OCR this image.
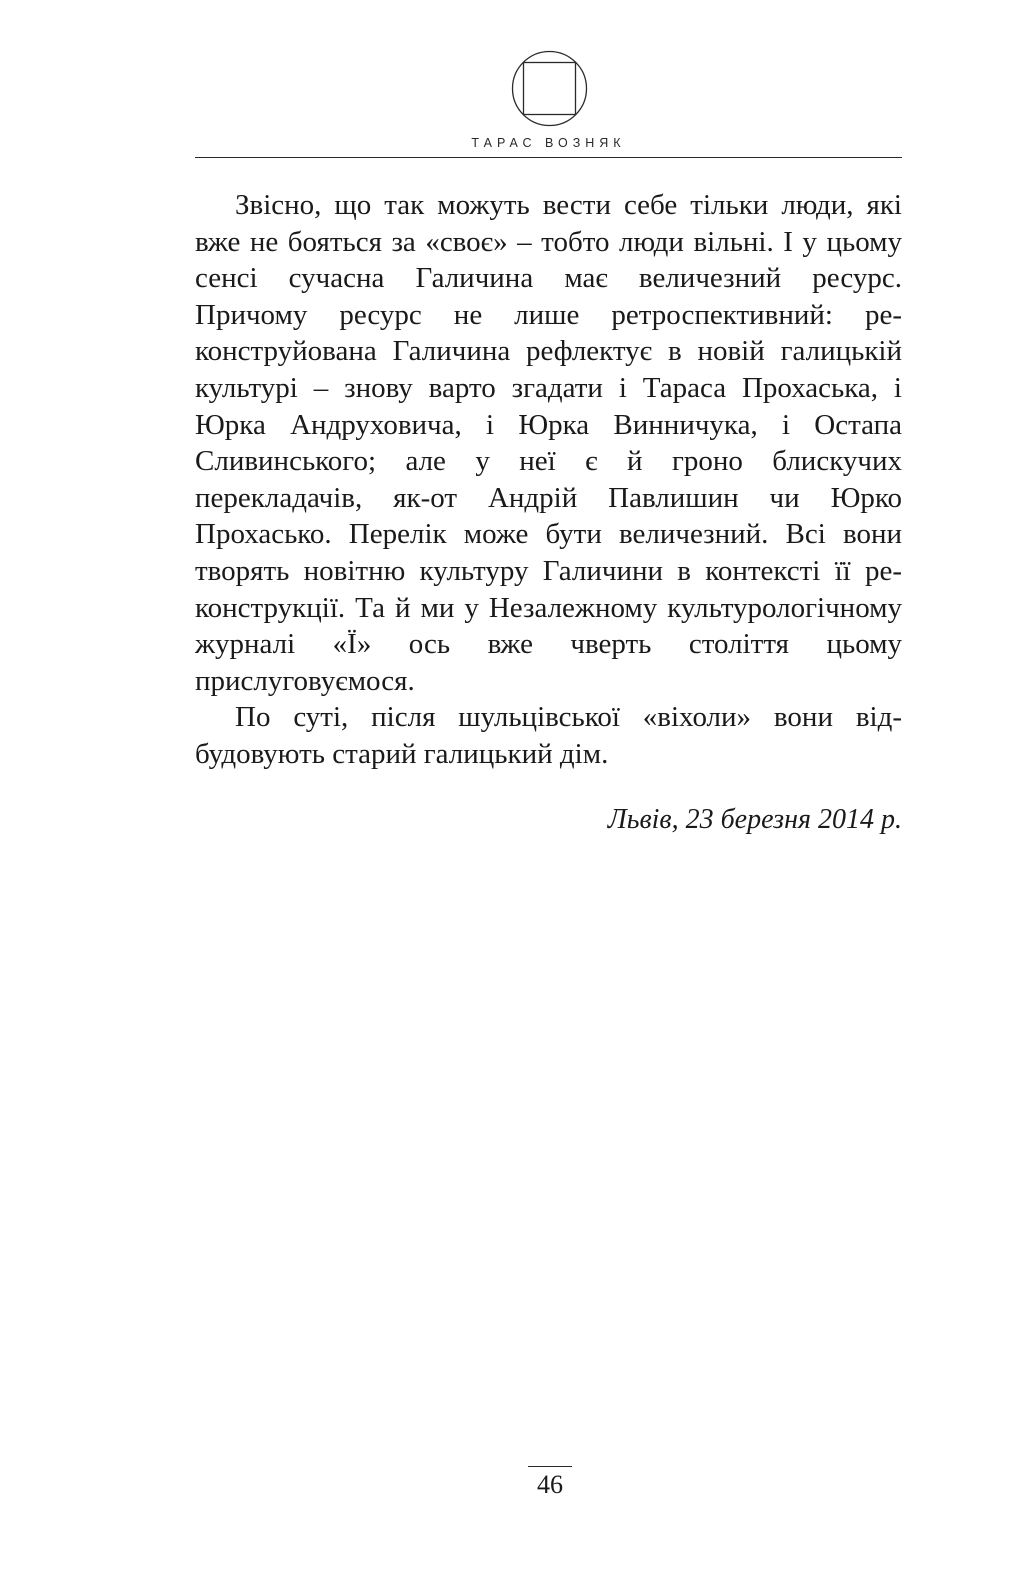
ТАРАС ВОЗНЯК

Звісно, що так можуть вести себе тільки люди, які вже не бояться за «своє» – тобто люди вільні. І у цьому сенсі сучасна Галичина має величезний ресурс. Причому ресурс не лише ретроспективний: ре-конструйована Галичина рефлектує в новій галицькій культурі – знову варто згадати і Тараса Прохаська, і Юрка Андруховича, і Юрка Винничука, і Остапа Сливинського; але у неї є й гроно блискучих перекладачів, як-от Андрій Павлишин чи Юрко Прохасько. Перелік може бути величезний. Всі вони творять новітню культуру Галичини в контексті її ре-конструкції. Та й ми у Незалежному культурологічному журналі «Ї» ось вже чверть століття цьому прислуговуємося.

По суті, після шульцівської «віхоли» вони від-будовують старий галицький дім.

Львів, 23 березня 2014 р.
46
